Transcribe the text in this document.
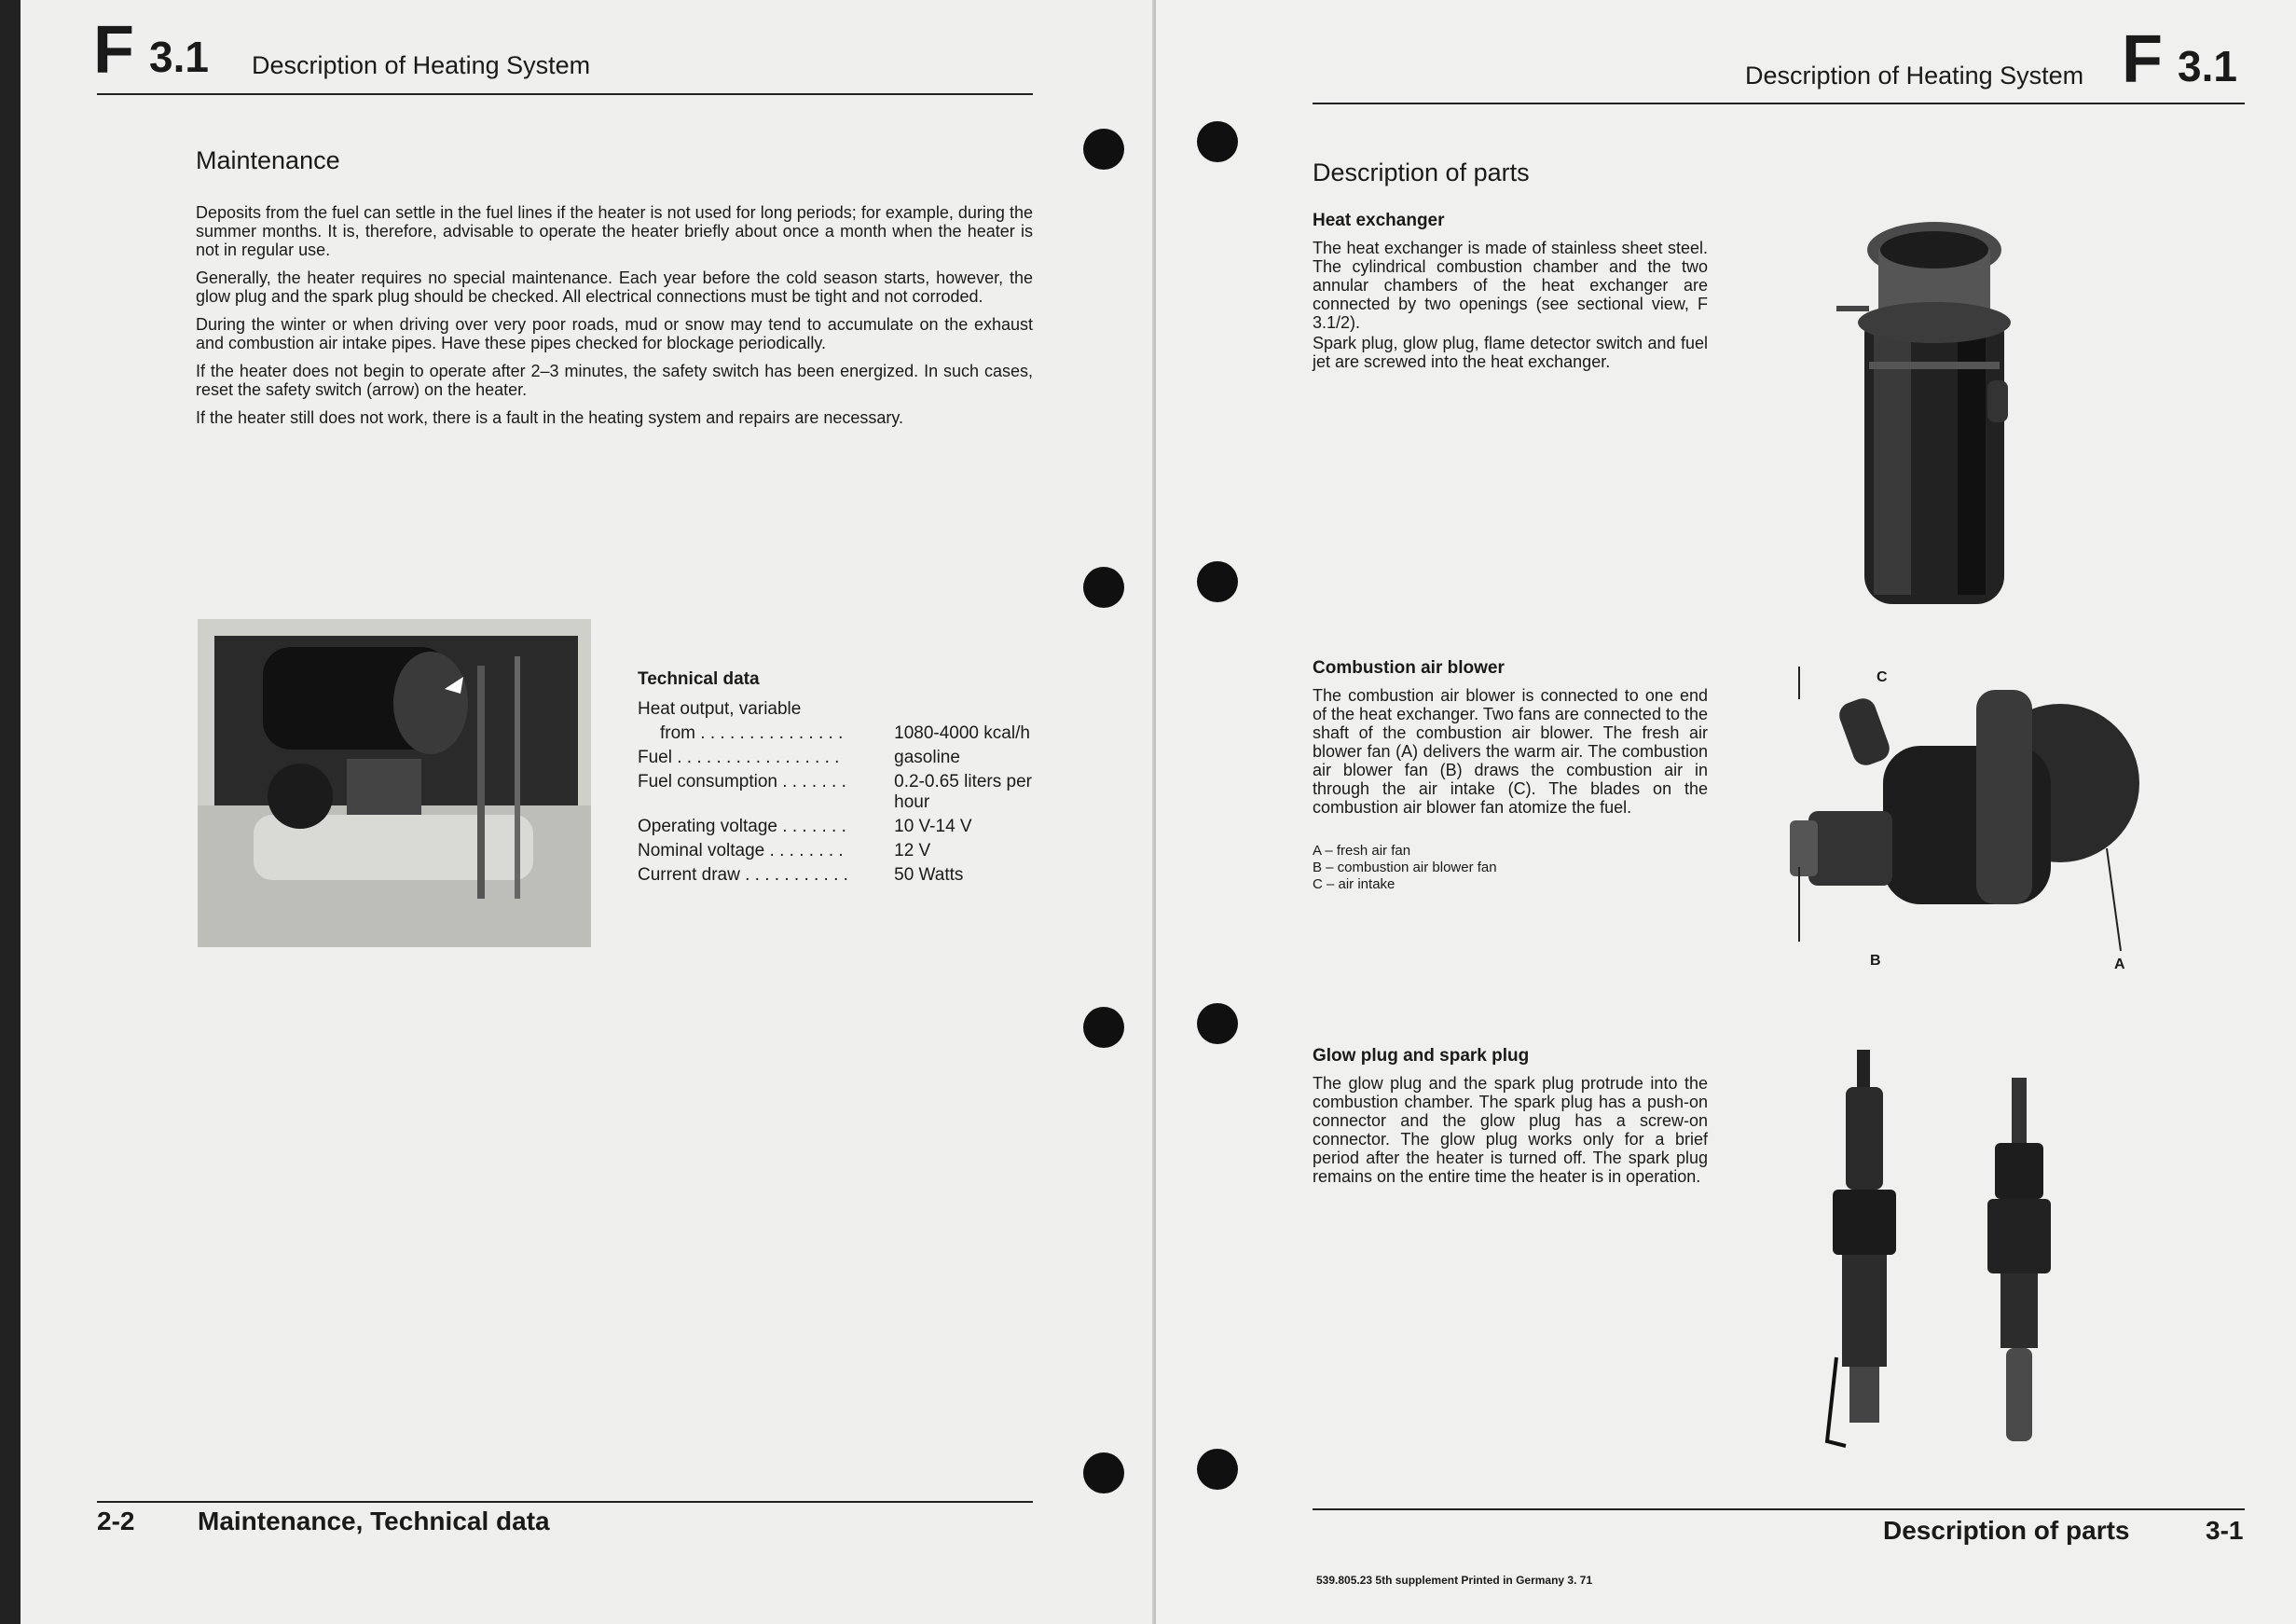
F 3.1 Description of Heating System
Maintenance

Deposits from the fuel can settle in the fuel lines if the heater is not used for long periods; for example, during the summer months. It is, therefore, advisable to operate the heater briefly about once a month when the heater is not in regular use.

Generally, the heater requires no special maintenance. Each year before the cold season starts, however, the glow plug and the spark plug should be checked. All electrical connections must be tight and not corroded.

During the winter or when driving over very poor roads, mud or snow may tend to accumulate on the exhaust and combustion air intake pipes. Have these pipes checked for blockage periodically.

If the heater does not begin to operate after 2–3 minutes, the safety switch has been energized. In such cases, reset the safety switch (arrow) on the heater.

If the heater still does not work, there is a fault in the heating system and repairs are necessary.

Technical data
Heat output, variable	
from . . . . . . . . . . . . . . .	1080-4000 kcal/h
Fuel . . . . . . . . . . . . . . . . .	gasoline
Fuel consumption . . . . . . .	0.2-0.65 liters per hour
Operating voltage . . . . . . .	10 V-14 V
Nominal voltage . . . . . . . .	12 V
Current draw . . . . . . . . . . .	50 Watts
2-2 Maintenance, Technical data
Description of Heating System F 3.1
Description of parts
Heat exchanger
The heat exchanger is made of stainless sheet steel. The cylindrical combustion chamber and the two annular chambers of the heat exchanger are connected by two openings (see sectional view, F 3.1/2).
Spark plug, glow plug, flame detector switch and fuel jet are screwed into the heat exchanger.
Combustion air blower
The combustion air blower is connected to one end of the heat exchanger. Two fans are connected to the shaft of the combustion air blower. The fresh air blower fan (A) delivers the warm air. The combustion air blower fan (B) draws the combustion air in through the air intake (C). The blades on the combustion air blower fan atomize the fuel.
A – fresh air fan
B – combustion air blower fan
C – air intake
C
B	A
Glow plug and spark plug
The glow plug and the spark plug protrude into the combustion chamber. The spark plug has a push-on connector and the glow plug has a screw-on connector. The glow plug works only for a brief period after the heater is turned off. The spark plug remains on the entire time the heater is in operation.
Description of parts	3-1
539.805.23 5th supplement Printed in Germany 3. 71
